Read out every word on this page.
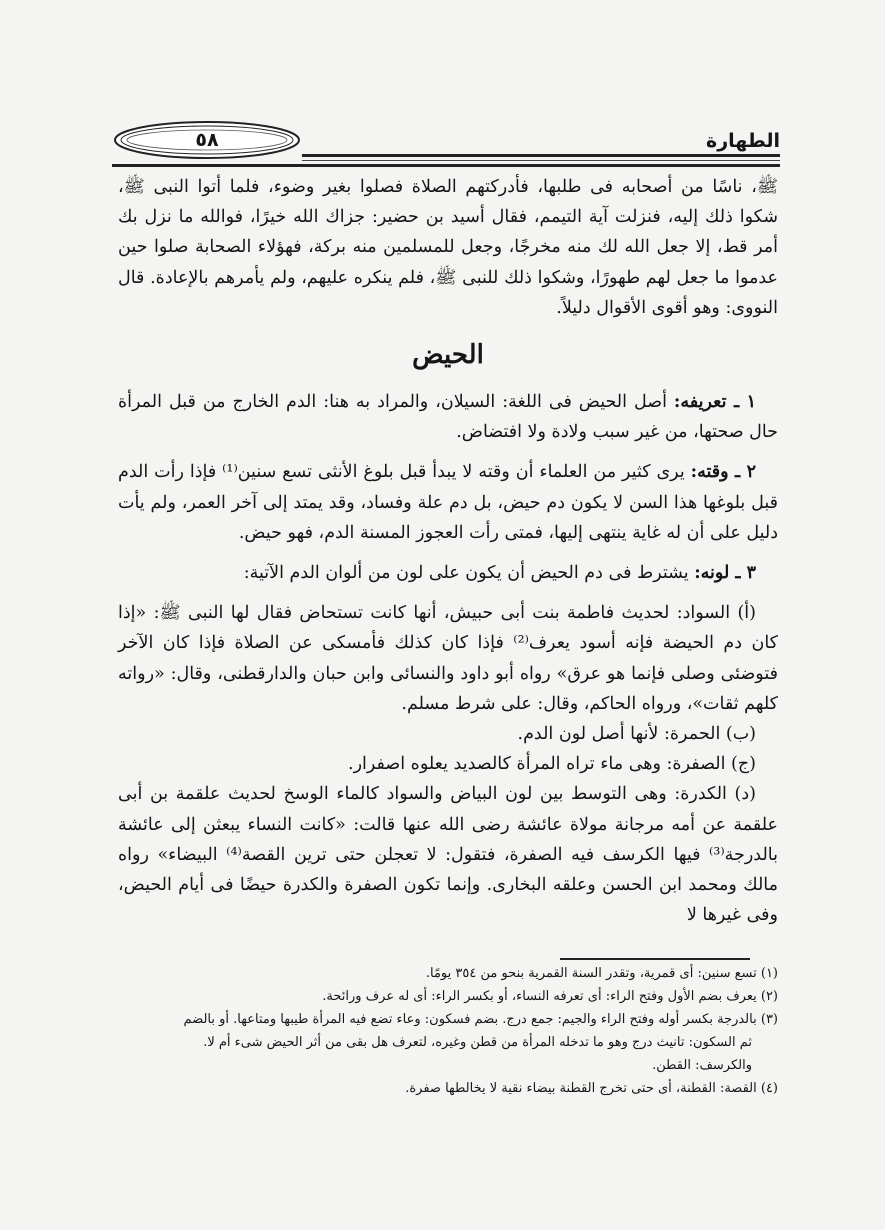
الطهارة
٥٨

ﷺ، ناسًا من أصحابه فى طلبها، فأدركتهم الصلاة فصلوا بغير وضوء، فلما أتوا النبى ﷺ، شكوا ذلك إليه، فنزلت آية التيمم، فقال أسيد بن حضير: جزاك الله خيرًا، فوالله ما نزل بك أمر قط، إلا جعل الله لك منه مخرجًا، وجعل للمسلمين منه بركة، فهؤلاء الصحابة صلوا حين عدموا ما جعل لهم طهورًا، وشكوا ذلك للنبى ﷺ، فلم ينكره عليهم، ولم يأمرهم بالإعادة. قال النووى: وهو أقوى الأقوال دليلاً.

الحيض

١ ـ تعريفه: أصل الحيض فى اللغة: السيلان، والمراد به هنا: الدم الخارج من قبل المرأة حال صحتها، من غير سبب ولادة ولا افتضاض.

٢ ـ وقته: يرى كثير من العلماء أن وقته لا يبدأ قبل بلوغ الأنثى تسع سنين⁽¹⁾ فإذا رأت الدم قبل بلوغها هذا السن لا يكون دم حيض، بل دم علة وفساد، وقد يمتد إلى آخر العمر، ولم يأت دليل على أن له غاية ينتهى إليها، فمتى رأت العجوز المسنة الدم، فهو حيض.

٣ ـ لونه: يشترط فى دم الحيض أن يكون على لون من ألوان الدم الآتية:

(أ) السواد: لحديث فاطمة بنت أبى حبيش، أنها كانت تستحاض فقال لها النبى ﷺ: «إذا كان دم الحيضة فإنه أسود يعرف⁽²⁾ فإذا كان كذلك فأمسكى عن الصلاة فإذا كان الآخر فتوضئى وصلى فإنما هو عرق» رواه أبو داود والنسائى وابن حبان والدارقطنى، وقال: «رواته كلهم ثقات»، ورواه الحاكم، وقال: على شرط مسلم.

(ب) الحمرة: لأنها أصل لون الدم.

(ج) الصفرة: وهى ماء تراه المرأة كالصديد يعلوه اصفرار.

(د) الكدرة: وهى التوسط بين لون البياض والسواد كالماء الوسخ لحديث علقمة بن أبى علقمة عن أمه مرجانة مولاة عائشة رضى الله عنها قالت: «كانت النساء يبعثن إلى عائشة بالدرجة⁽³⁾ فيها الكرسف فيه الصفرة، فتقول: لا تعجلن حتى ترين القصة⁽⁴⁾ البيضاء» رواه مالك ومحمد ابن الحسن وعلقه البخارى. وإنما تكون الصفرة والكدرة حيضًا فى أيام الحيض، وفى غيرها لا

(١) تسع سنين: أى قمرية، وتقدر السنة القمرية بنحو من ٣٥٤ يومًا.

(٢) يعرف بضم الأول وفتح الراء: أى تعرفه النساء، أو بكسر الراء: أى له عرف ورائحة.

(٣) بالدرجة بكسر أوله وفتح الراء والجيم: جمع درج. بضم فسكون: وعاء تضع فيه المرأة طيبها ومتاعها. أو بالضم

ثم السكون: تانيث درج وهو ما تدخله المرأة من قطن وغيره، لتعرف هل بقى من أثر الحيض شىء أم لا.

والكرسف: القطن.

(٤) القصة: القطنة، أى حتى تخرج القطنة بيضاء نقية لا يخالطها صفرة.
